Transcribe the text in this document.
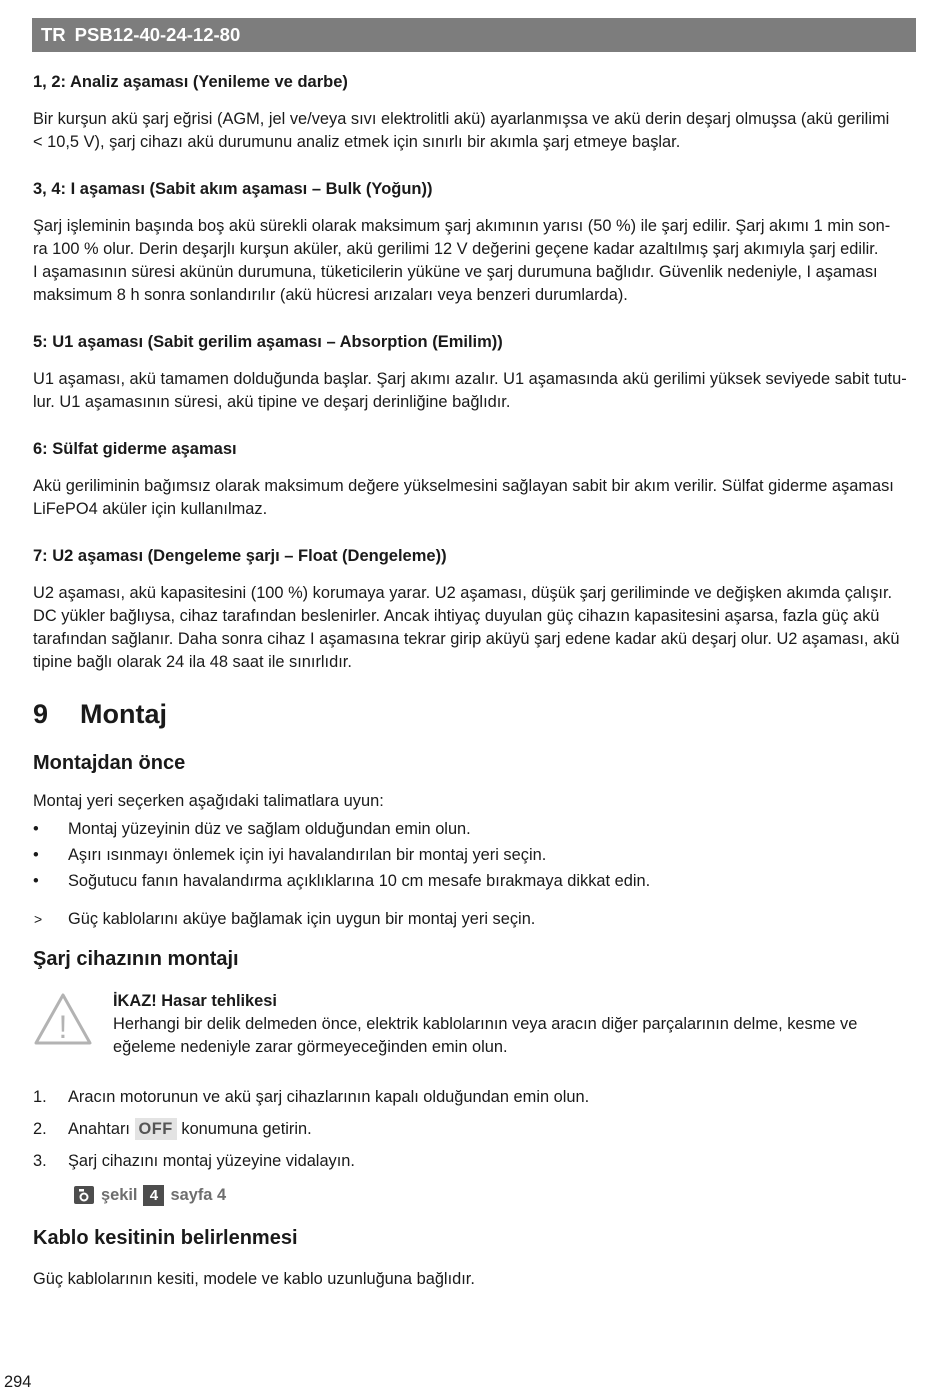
TR PSB12-40-24-12-80
1, 2: Analiz aşaması (Yenileme ve darbe)
Bir kurşun akü şarj eğrisi (AGM, jel ve/veya sıvı elektrolitli akü) ayarlanmışsa ve akü derin deşarj olmuşsa (akü gerilimi
< 10,5 V), şarj cihazı akü durumunu analiz etmek için sınırlı bir akımla şarj etmeye başlar.
3, 4: I aşaması (Sabit akım aşaması – Bulk (Yoğun))
Şarj işleminin başında boş akü sürekli olarak maksimum şarj akımının yarısı (50 %) ile şarj edilir. Şarj akımı 1 min son-
ra 100 % olur. Derin deşarjlı kurşun aküler, akü gerilimi 12 V değerini geçene kadar azaltılmış şarj akımıyla şarj edilir.
I aşamasının süresi akünün durumuna, tüketicilerin yüküne ve şarj durumuna bağlıdır. Güvenlik nedeniyle, I aşaması
maksimum 8 h sonra sonlandırılır (akü hücresi arızaları veya benzeri durumlarda).
5: U1 aşaması (Sabit gerilim aşaması – Absorption (Emilim))
U1 aşaması, akü tamamen dolduğunda başlar. Şarj akımı azalır. U1 aşamasında akü gerilimi yüksek seviyede sabit tutu-
lur. U1 aşamasının süresi, akü tipine ve deşarj derinliğine bağlıdır.
6: Sülfat giderme aşaması
Akü geriliminin bağımsız olarak maksimum değere yükselmesini sağlayan sabit bir akım verilir. Sülfat giderme aşaması
LiFePO4 aküler için kullanılmaz.
7: U2 aşaması (Dengeleme şarjı – Float (Dengeleme))
U2 aşaması, akü kapasitesini (100 %) korumaya yarar. U2 aşaması, düşük şarj geriliminde ve değişken akımda çalışır.
DC yükler bağlıysa, cihaz tarafından beslenirler. Ancak ihtiyaç duyulan güç cihazın kapasitesini aşarsa, fazla güç akü
tarafından sağlanır. Daha sonra cihaz I aşamasına tekrar girip aküyü şarj edene kadar akü deşarj olur. U2 aşaması, akü
tipine bağlı olarak 24 ila 48 saat ile sınırlıdır.
9 Montaj
Montajdan önce
Montaj yeri seçerken aşağıdaki talimatlara uyun:
• Montaj yüzeyinin düz ve sağlam olduğundan emin olun.
• Aşırı ısınmayı önlemek için iyi havalandırılan bir montaj yeri seçin.
• Soğutucu fanın havalandırma açıklıklarına 10 cm mesafe bırakmaya dikkat edin.
> Güç kablolarını aküye bağlamak için uygun bir montaj yeri seçin.
Şarj cihazının montajı
!
İKAZ! Hasar tehlikesi
Herhangi bir delik delmeden önce, elektrik kablolarının veya aracın diğer parçalarının delme, kesme ve
eğeleme nedeniyle zarar görmeyeceğinden emin olun.
1. Aracın motorunun ve akü şarj cihazlarının kapalı olduğundan emin olun.
2. Anahtarı OFF konumuna getirin.
3. Şarj cihazını montaj yüzeyine vidalayın.
şekil 4 sayfa 4
Kablo kesitinin belirlenmesi
Güç kablolarının kesiti, modele ve kablo uzunluğuna bağlıdır.
294
